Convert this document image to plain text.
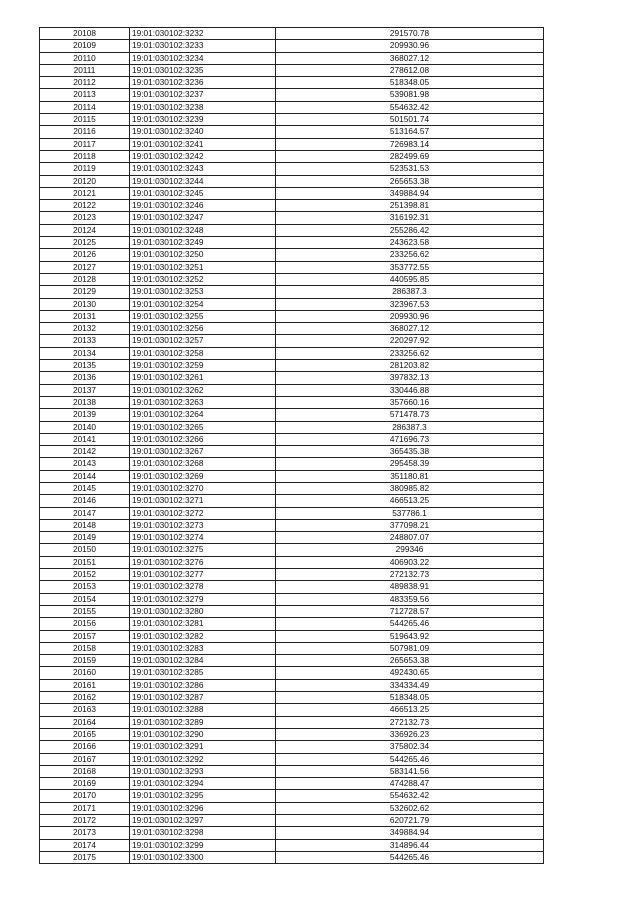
20108	19:01:030102:3232	291570.78
20109	19:01:030102:3233	209930.96
20110	19:01:030102:3234	368027.12
20111	19:01:030102:3235	278612.08
20112	19:01:030102:3236	518348.05
20113	19:01:030102:3237	539081.98
20114	19:01:030102:3238	554632.42
20115	19:01:030102:3239	501501.74
20116	19:01:030102:3240	513164.57
20117	19:01:030102:3241	726983.14
20118	19:01:030102:3242	282499.69
20119	19:01:030102:3243	523531.53
20120	19:01:030102:3244	265653.38
20121	19:01:030102:3245	349884.94
20122	19:01:030102:3246	251398.81
20123	19:01:030102:3247	316192.31
20124	19:01:030102:3248	255286.42
20125	19:01:030102:3249	243623.58
20126	19:01:030102:3250	233256.62
20127	19:01:030102:3251	353772.55
20128	19:01:030102:3252	440595.85
20129	19:01:030102:3253	286387.3
20130	19:01:030102:3254	323967.53
20131	19:01:030102:3255	209930.96
20132	19:01:030102:3256	368027.12
20133	19:01:030102:3257	220297.92
20134	19:01:030102:3258	233256.62
20135	19:01:030102:3259	281203.82
20136	19:01:030102:3261	397832.13
20137	19:01:030102:3262	330446.88
20138	19:01:030102:3263	357660.16
20139	19:01:030102:3264	571478.73
20140	19:01:030102:3265	286387.3
20141	19:01:030102:3266	471696.73
20142	19:01:030102:3267	365435.38
20143	19:01:030102:3268	295458.39
20144	19:01:030102:3269	351180.81
20145	19:01:030102:3270	380985.82
20146	19:01:030102:3271	466513.25
20147	19:01:030102:3272	537786.1
20148	19:01:030102:3273	377098.21
20149	19:01:030102:3274	248807.07
20150	19:01:030102:3275	299346
20151	19:01:030102:3276	406903.22
20152	19:01:030102:3277	272132.73
20153	19:01:030102:3278	489838.91
20154	19:01:030102:3279	483359.56
20155	19:01:030102:3280	712728.57
20156	19:01:030102:3281	544265.46
20157	19:01:030102:3282	519643.92
20158	19:01:030102:3283	507981.09
20159	19:01:030102:3284	265653.38
20160	19:01:030102:3285	492430.65
20161	19:01:030102:3286	334334.49
20162	19:01:030102:3287	518348.05
20163	19:01:030102:3288	466513.25
20164	19:01:030102:3289	272132.73
20165	19:01:030102:3290	336926.23
20166	19:01:030102:3291	375802.34
20167	19:01:030102:3292	544265.46
20168	19:01:030102:3293	583141.56
20169	19:01:030102:3294	474288.47
20170	19:01:030102:3295	554632.42
20171	19:01:030102:3296	532602.62
20172	19:01:030102:3297	620721.79
20173	19:01:030102:3298	349884.94
20174	19:01:030102:3299	314896.44
20175	19:01:030102:3300	544265.46
